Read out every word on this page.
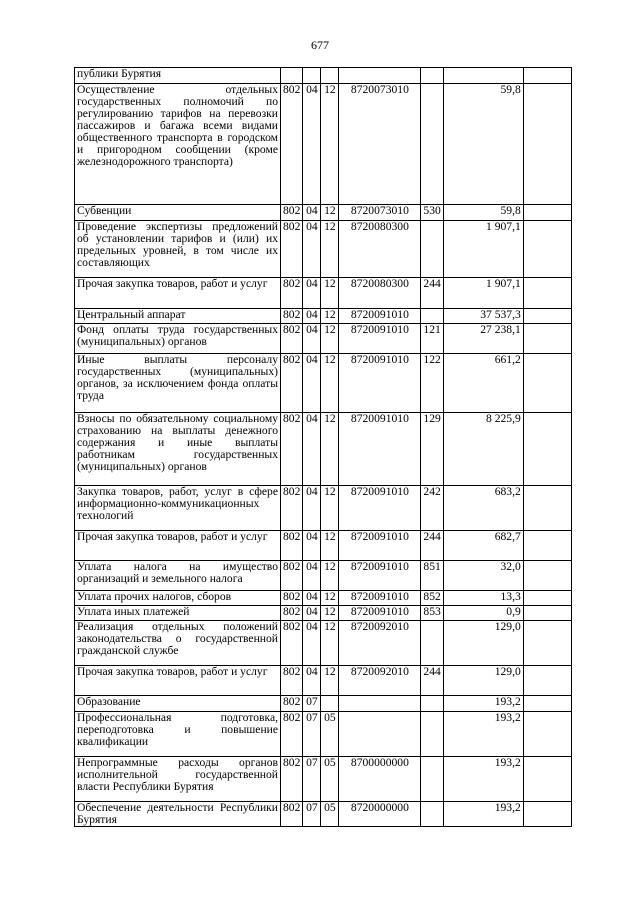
677
публики Бурятия							
Осуществление отдельных государственных полномочий по регулированию тарифов на перевозки пассажиров и багажа всеми видами общественного транспорта в городском и пригородном сообщении (кроме железнодорожного транспорта)	802	04	12	8720073010		59,8	
Субвенции	802	04	12	8720073010	530	59,8	
Проведение экспертизы предложений об установлении тарифов и (или) их предельных уровней, в том числе их составляющих	802	04	12	8720080300		1 907,1	
Прочая закупка товаров, работ и услуг	802	04	12	8720080300	244	1 907,1	
Центральный аппарат	802	04	12	8720091010		37 537,3	
Фонд оплаты труда государственных (муниципальных) органов	802	04	12	8720091010	121	27 238,1	
Иные выплаты персоналу государственных (муниципальных) органов, за исключением фонда оплаты труда	802	04	12	8720091010	122	661,2	
Взносы по обязательному социальному страхованию на выплаты денежного содержания и иные выплаты работникам государственных (муниципальных) органов	802	04	12	8720091010	129	8 225,9	
Закупка товаров, работ, услуг в сфере информационно-коммуникационных технологий	802	04	12	8720091010	242	683,2	
Прочая закупка товаров, работ и услуг	802	04	12	8720091010	244	682,7	
Уплата налога на имущество организаций и земельного налога	802	04	12	8720091010	851	32,0	
Уплата прочих налогов, сборов	802	04	12	8720091010	852	13,3	
Уплата иных платежей	802	04	12	8720091010	853	0,9	
Реализация отдельных положений законодательства о государственной гражданской службе	802	04	12	8720092010		129,0	
Прочая закупка товаров, работ и услуг	802	04	12	8720092010	244	129,0	
Образование	802	07				193,2	
Профессиональная подготовка, переподготовка и повышение квалификации	802	07	05			193,2	
Непрограммные расходы органов исполнительной государственной власти Республики Бурятия	802	07	05	8700000000		193,2	
Обеспечение деятельности Республики Бурятия	802	07	05	8720000000		193,2	
